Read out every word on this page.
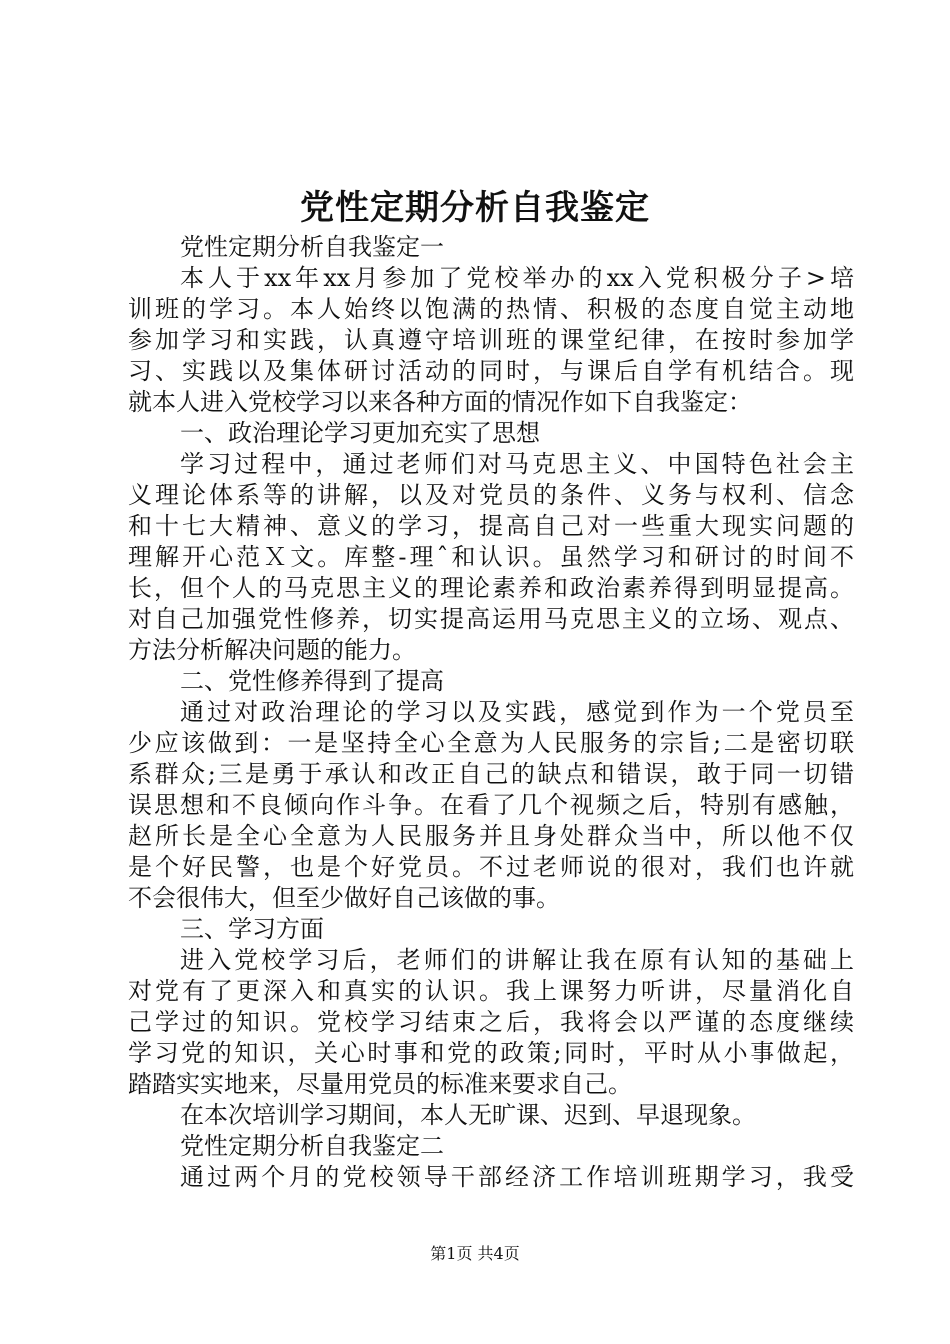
党性定期分析自我鉴定
党性定期分析自我鉴定一
本人于xx年xx月参加了党校举办的xx入党积极分子>培
训班的学习。本人始终以饱满的热情、积极的态度自觉主动地
参加学习和实践，认真遵守培训班的课堂纪律，在按时参加学
习、实践以及集体研讨活动的同时，与课后自学有机结合。现
就本人进入党校学习以来各种方面的情况作如下自我鉴定：
一、政治理论学习更加充实了思想
学习过程中，通过老师们对马克思主义、中国特色社会主
义理论体系等的讲解，以及对党员的条件、义务与权利、信念
和十七大精神、意义的学习，提高自己对一些重大现实问题的
理解开心范Ｘ文。库整-理ˆ和认识。虽然学习和研讨的时间不
长，但个人的马克思主义的理论素养和政治素养得到明显提高。
对自己加强党性修养，切实提高运用马克思主义的立场、观点、
方法分析解决问题的能力。
二、党性修养得到了提高
通过对政治理论的学习以及实践，感觉到作为一个党员至
少应该做到：一是坚持全心全意为人民服务的宗旨;二是密切联
系群众;三是勇于承认和改正自己的缺点和错误，敢于同一切错
误思想和不良倾向作斗争。在看了几个视频之后，特别有感触，
赵所长是全心全意为人民服务并且身处群众当中，所以他不仅
是个好民警，也是个好党员。不过老师说的很对，我们也许就
不会很伟大，但至少做好自己该做的事。
三、学习方面
进入党校学习后，老师们的讲解让我在原有认知的基础上
对党有了更深入和真实的认识。我上课努力听讲，尽量消化自
己学过的知识。党校学习结束之后，我将会以严谨的态度继续
学习党的知识，关心时事和党的政策;同时，平时从小事做起，
踏踏实实地来，尽量用党员的标准来要求自己。
在本次培训学习期间，本人无旷课、迟到、早退现象。
党性定期分析自我鉴定二
通过两个月的党校领导干部经济工作培训班期学习，我受
第1页 共4页
